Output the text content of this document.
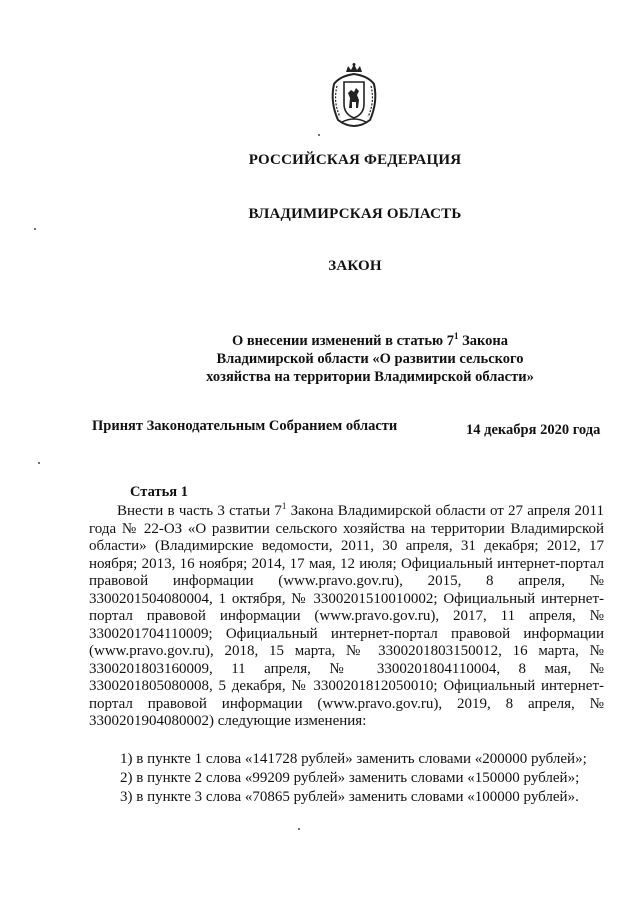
РОССИЙСКАЯ ФЕДЕРАЦИЯ
ВЛАДИМИРСКАЯ ОБЛАСТЬ
ЗАКОН
О внесении изменений в статью $7^1$ Закона
Владимирской области «О развитии сельского
хозяйства на территории Владимирской области»
Принят Законодательным Собранием области	14 декабря 2020 года
Статья 1
Внести в часть 3 статьи $7^1$ Закона Владимирской области от 27 апреля 2011 года № 22-ОЗ «О развитии сельского хозяйства на территории Владимирской области» (Владимирские ведомости, 2011, 30 апреля, 31 декабря; 2012, 17 ноября; 2013, 16 ноября; 2014, 17 мая, 12 июля; Официальный интернет-портал правовой информации (www.pravo.gov.ru), 2015, 8 апреля, № 3300201504080004, 1 октября, № 3300201510010002; Официальный интернет-портал правовой информации (www.pravo.gov.ru), 2017, 11 апреля, № 3300201704110009; Официальный интернет-портал правовой информации (www.pravo.gov.ru), 2018, 15 марта, № 3300201803150012, 16 марта, № 3300201803160009, 11 апреля, № 3300201804110004, 8 мая, № 3300201805080008, 5 декабря, № 3300201812050010; Официальный интернет-портал правовой информации (www.pravo.gov.ru), 2019, 8 апреля, № 3300201904080002) следующие изменения:
1) в пункте 1 слова «141728 рублей» заменить словами «200000 рублей»;
2) в пункте 2 слова «99209 рублей» заменить словами «150000 рублей»;
3) в пункте 3 слова «70865 рублей» заменить словами «100000 рублей».
